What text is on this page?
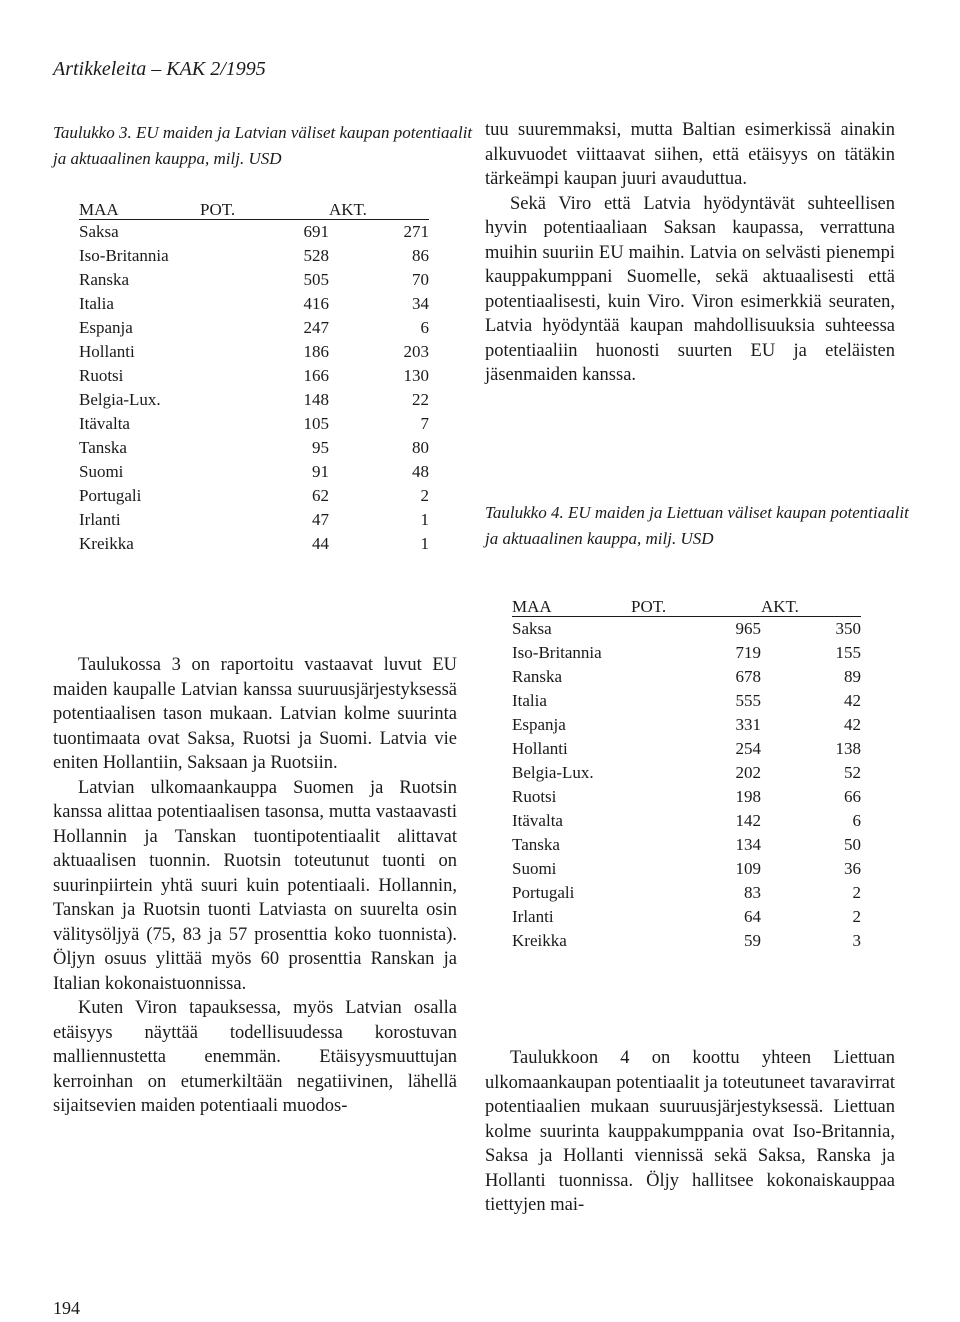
Artikkeleita – KAK 2/1995
Taulukko 3. EU maiden ja Latvian väliset kaupan potentiaalit ja aktuaalinen kauppa, milj. USD
MAA	POT.	AKT.
Saksa	691	271
Iso-Britannia	528	86
Ranska	505	70
Italia	416	34
Espanja	247	6
Hollanti	186	203
Ruotsi	166	130
Belgia-Lux.	148	22
Itävalta	105	7
Tanska	95	80
Suomi	91	48
Portugali	62	2
Irlanti	47	1
Kreikka	44	1

tuu suuremmaksi, mutta Baltian esimerkissä ainakin alkuvuodet viittaavat siihen, että etäisyys on tätäkin tärkeämpi kaupan juuri avauduttua.

Sekä Viro että Latvia hyödyntävät suhteellisen hyvin potentiaaliaan Saksan kaupassa, verrattuna muihin suuriin EU maihin. Latvia on selvästi pienempi kauppakumppani Suomelle, sekä aktuaalisesti että potentiaalisesti, kuin Viro. Viron esimerkkiä seuraten, Latvia hyödyntää kaupan mahdollisuuksia suhteessa potentiaaliin huonosti suurten EU ja eteläisten jäsenmaiden kanssa.

Taulukko 4. EU maiden ja Liettuan väliset kaupan potentiaalit ja aktuaalinen kauppa, milj. USD
MAA	POT.	AKT.
Saksa	965	350
Iso-Britannia	719	155
Ranska	678	89
Italia	555	42
Espanja	331	42
Hollanti	254	138
Belgia-Lux.	202	52
Ruotsi	198	66
Itävalta	142	6
Tanska	134	50
Suomi	109	36
Portugali	83	2
Irlanti	64	2
Kreikka	59	3

Taulukossa 3 on raportoitu vastaavat luvut EU maiden kaupalle Latvian kanssa suuruusjärjestyksessä potentiaalisen tason mukaan. Latvian kolme suurinta tuontimaata ovat Saksa, Ruotsi ja Suomi. Latvia vie eniten Hollantiin, Saksaan ja Ruotsiin.

Latvian ulkomaankauppa Suomen ja Ruotsin kanssa alittaa potentiaalisen tasonsa, mutta vastaavasti Hollannin ja Tanskan tuontipotentiaalit alittavat aktuaalisen tuonnin. Ruotsin toteutunut tuonti on suurinpiirtein yhtä suuri kuin potentiaali. Hollannin, Tanskan ja Ruotsin tuonti Latviasta on suurelta osin välitysöljyä (75, 83 ja 57 prosenttia koko tuonnista). Öljyn osuus ylittää myös 60 prosenttia Ranskan ja Italian kokonaistuonnissa.

Kuten Viron tapauksessa, myös Latvian osalla etäisyys näyttää todellisuudessa korostuvan malliennustetta enemmän. Etäisyysmuuttujan kerroinhan on etumerkiltään negatiivinen, lähellä sijaitsevien maiden potentiaali muodos-

Taulukkoon 4 on koottu yhteen Liettuan ulkomaankaupan potentiaalit ja toteutuneet tavaravirrat potentiaalien mukaan suuruusjärjestyksessä. Liettuan kolme suurinta kauppakumppania ovat Iso-Britannia, Saksa ja Hollanti viennissä sekä Saksa, Ranska ja Hollanti tuonnissa. Öljy hallitsee kokonaiskauppaa tiettyjen mai-

194
